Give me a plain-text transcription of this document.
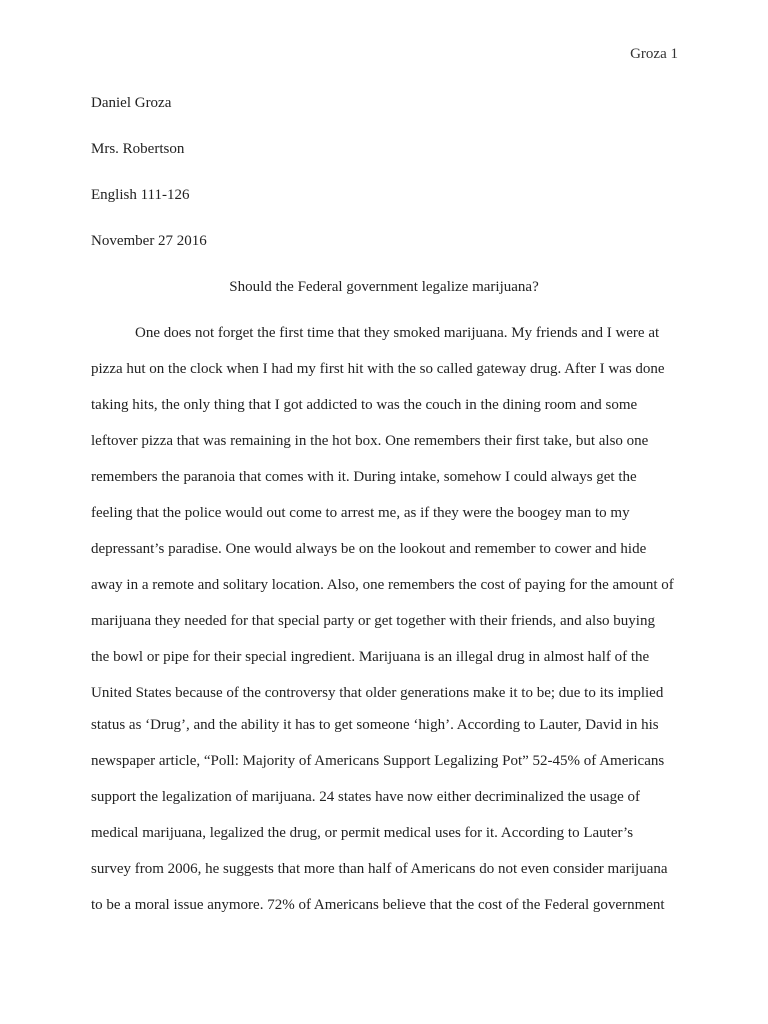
Groza 1
Daniel Groza
Mrs. Robertson
English 111-126
November 27 2016
Should the Federal government legalize marijuana?
One does not forget the first time that they smoked marijuana. My friends and I were at
pizza hut on the clock when I had my first hit with the so called gateway drug. After I was done
taking hits, the only thing that I got addicted to was the couch in the dining room and some
leftover pizza that was remaining in the hot box. One remembers their first take, but also one
remembers the paranoia that comes with it. During intake, somehow I could always get the
feeling that the police would out come to arrest me, as if they were the boogey man to my
depressant’s paradise. One would always be on the lookout and remember to cower and hide
away in a remote and solitary location. Also, one remembers the cost of paying for the amount of
marijuana they needed for that special party or get together with their friends, and also buying
the bowl or pipe for their special ingredient. Marijuana is an illegal drug in almost half of the
United States because of the controversy that older generations make it to be; due to its implied
status as ‘Drug’, and the ability it has to get someone ‘high’. According to Lauter, David in his
newspaper article, “Poll: Majority of Americans Support Legalizing Pot” 52-45% of Americans
support the legalization of marijuana. 24 states have now either decriminalized the usage of
medical marijuana, legalized the drug, or permit medical uses for it. According to Lauter’s
survey from 2006, he suggests that more than half of Americans do not even consider marijuana
to be a moral issue anymore. 72% of Americans believe that the cost of the Federal government
